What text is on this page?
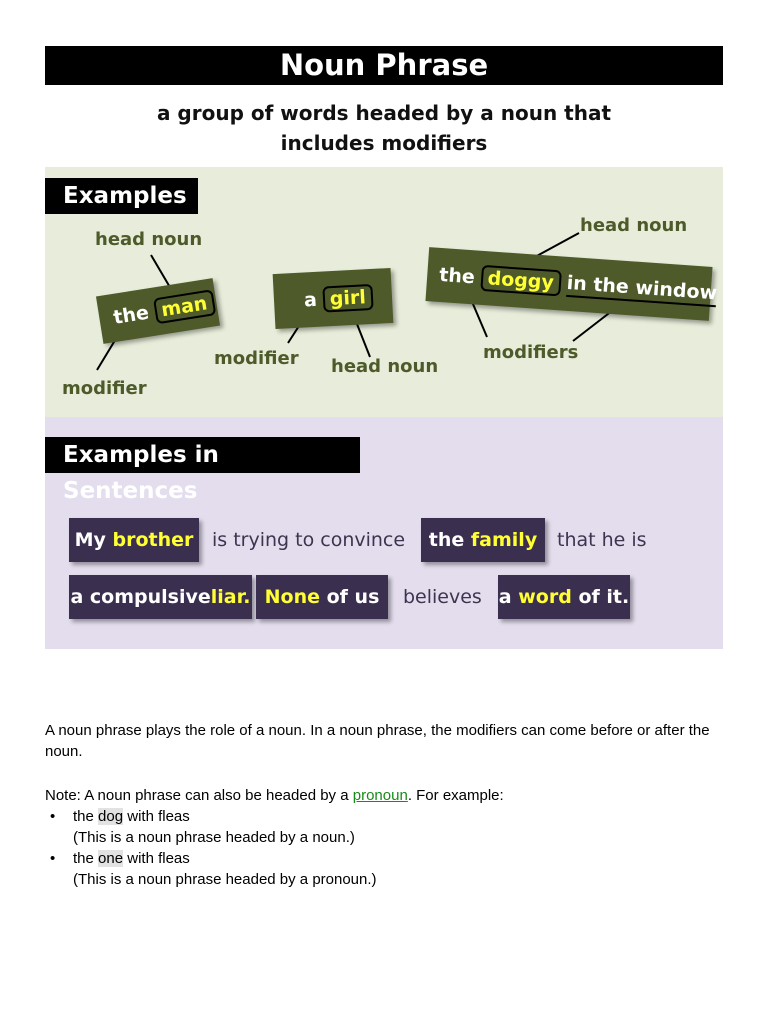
Noun Phrase
a group of words headed by a noun that
includes modifiers
Examples
head noun
the man
modifier
a girl
modifier head noun
head noun
the doggy in the window
modifiers
Examples in Sentences
My brother is trying to convince	the family	that he is
a compulsiveliar. None of us	believes a word of it.
A noun phrase plays the role of a noun. In a noun phrase, the modifiers can come before or after the noun.
Note: A noun phrase can also be headed by a pronoun. For example:
• the dog with fleas
(This is a noun phrase headed by a noun.)
• the one with fleas
(This is a noun phrase headed by a pronoun.)
